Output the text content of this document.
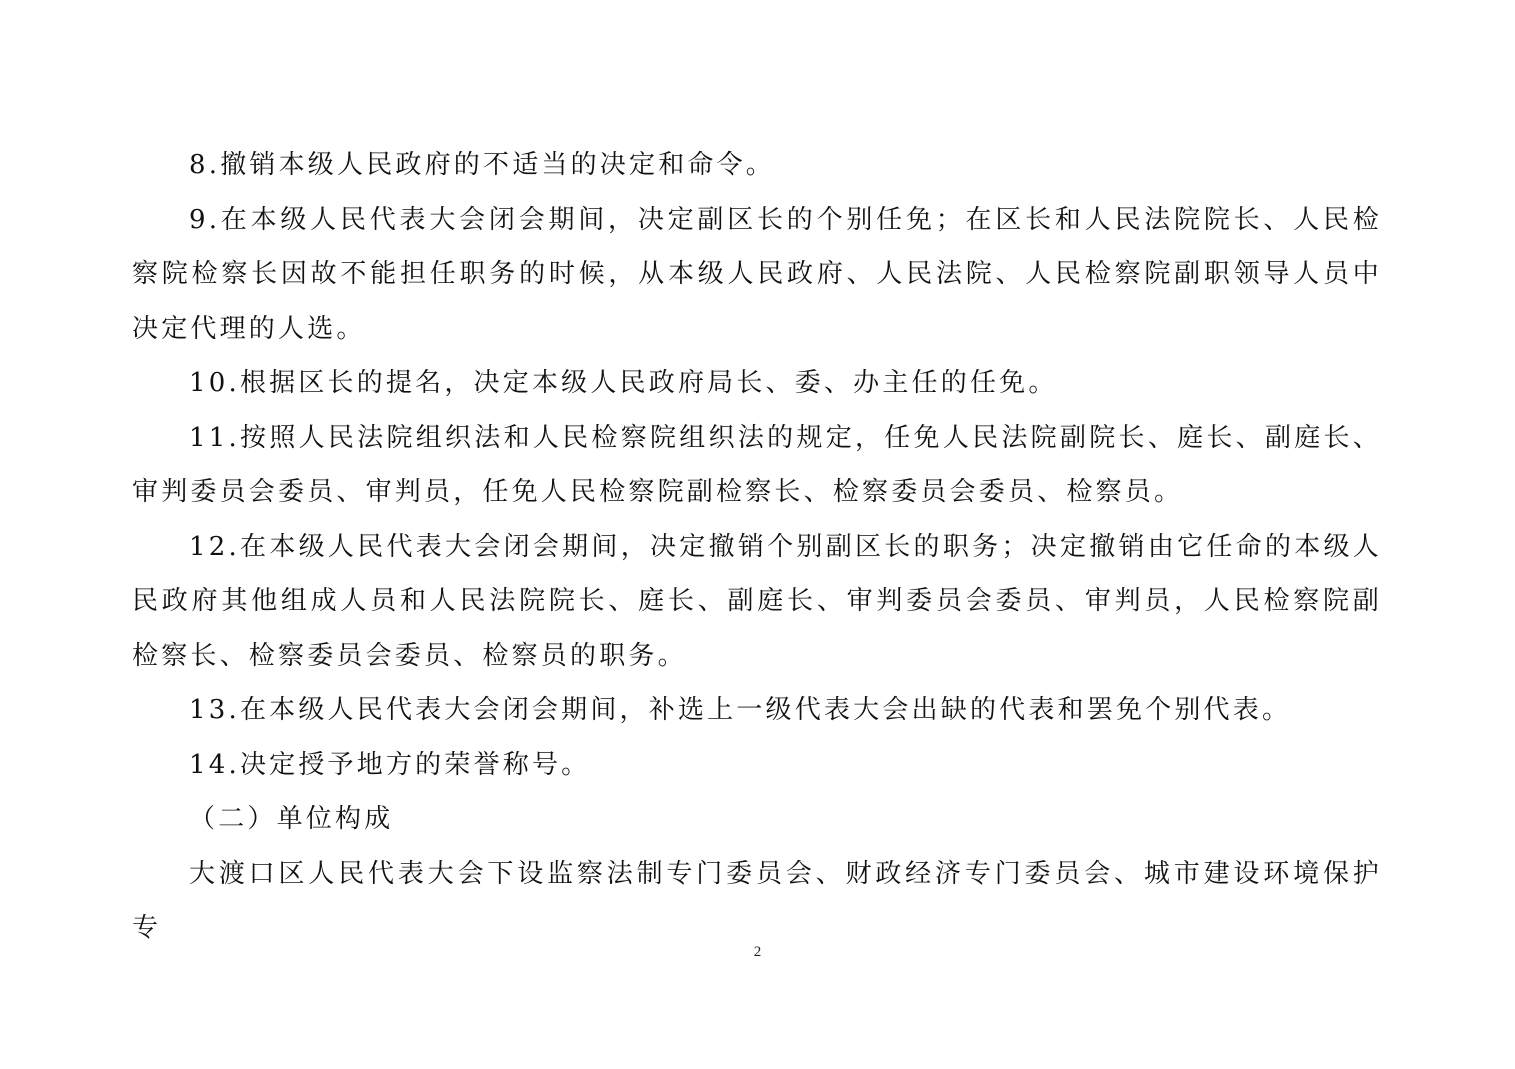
8.撤销本级人民政府的不适当的决定和命令。

9.在本级人民代表大会闭会期间，决定副区长的个别任免；在区长和人民法院院长、人民检察院检察长因故不能担任职务的时候，从本级人民政府、人民法院、人民检察院副职领导人员中决定代理的人选。

10.根据区长的提名，决定本级人民政府局长、委、办主任的任免。

11.按照人民法院组织法和人民检察院组织法的规定，任免人民法院副院长、庭长、副庭长、审判委员会委员、审判员，任免人民检察院副检察长、检察委员会委员、检察员。

12.在本级人民代表大会闭会期间，决定撤销个别副区长的职务；决定撤销由它任命的本级人民政府其他组成人员和人民法院院长、庭长、副庭长、审判委员会委员、审判员，人民检察院副检察长、检察委员会委员、检察员的职务。

13.在本级人民代表大会闭会期间，补选上一级代表大会出缺的代表和罢免个别代表。

14.决定授予地方的荣誉称号。

（二）单位构成

大渡口区人民代表大会下设监察法制专门委员会、财政经济专门委员会、城市建设环境保护专

2
